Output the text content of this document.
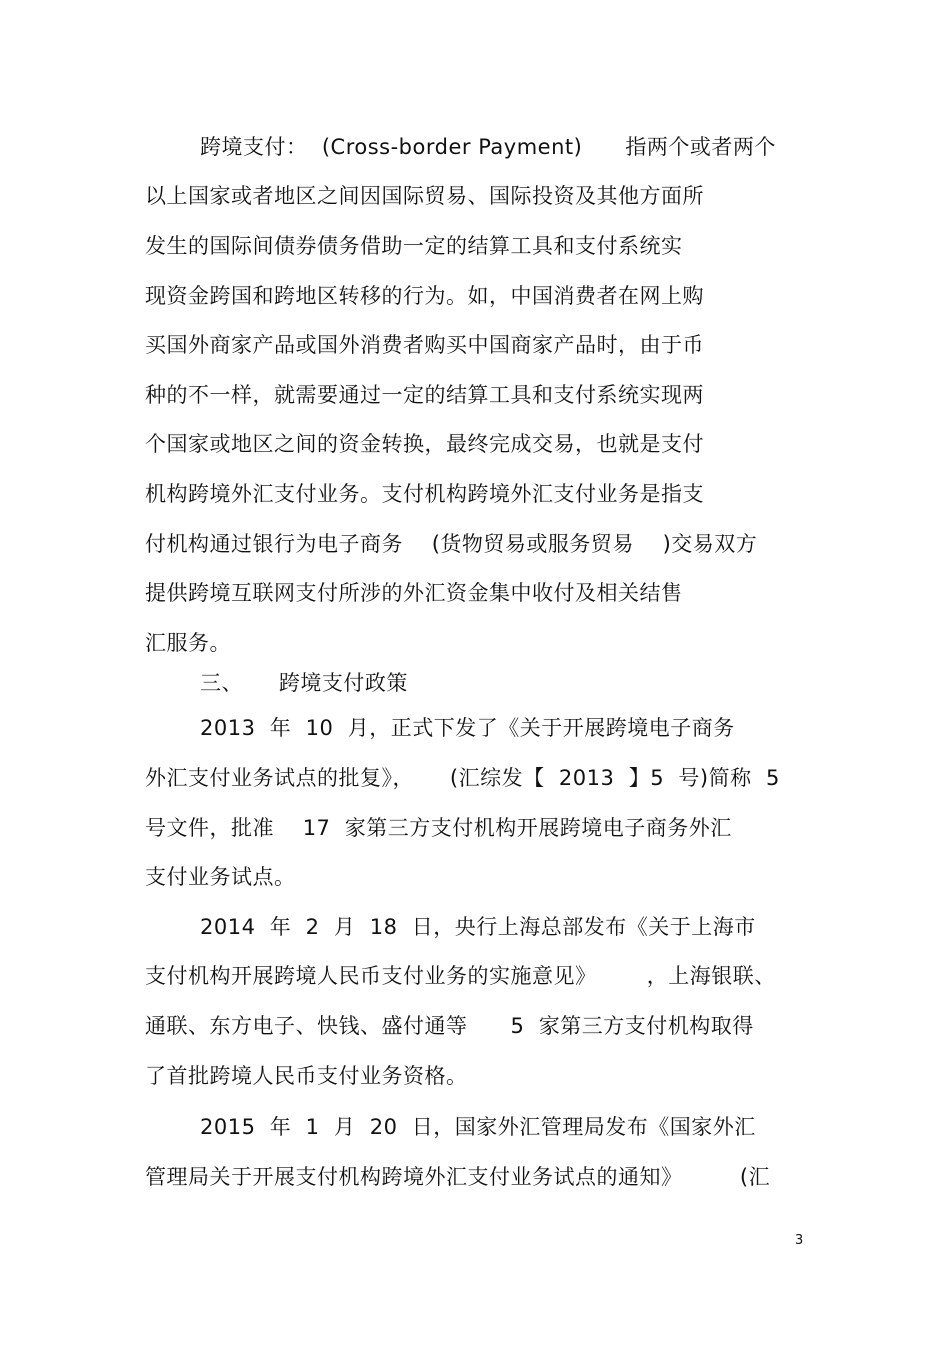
跨境支付：  (Cross-border Payment)      指两个或者两个
以上国家或者地区之间因国际贸易、国际投资及其他方面所
发生的国际间债券债务借助一定的结算工具和支付系统实
现资金跨国和跨地区转移的行为。如，中国消费者在网上购
买国外商家产品或国外消费者购买中国商家产品时，由于币
种的不一样，就需要通过一定的结算工具和支付系统实现两
个国家或地区之间的资金转换，最终完成交易，也就是支付
机构跨境外汇支付业务。支付机构跨境外汇支付业务是指支
付机构通过银行为电子商务    (货物贸易或服务贸易    )交易双方
提供跨境互联网支付所涉的外汇资金集中收付及相关结售
汇服务。
三、     跨境支付政策
2013  年  10  月，正式下发了《关于开展跨境电子商务
外汇支付业务试点的批复》，     (汇综发【  2013  】5  号)简称  5
号文件，批准    17  家第三方支付机构开展跨境电子商务外汇
支付业务试点。
2014  年  2  月  18  日，央行上海总部发布《关于上海市
支付机构开展跨境人民币支付业务的实施意见》       ，上海银联、
通联、东方电子、快钱、盛付通等      5  家第三方支付机构取得
了首批跨境人民币支付业务资格。
2015  年  1  月  20  日，国家外汇管理局发布《国家外汇
管理局关于开展支付机构跨境外汇支付业务试点的通知》        (汇
3
